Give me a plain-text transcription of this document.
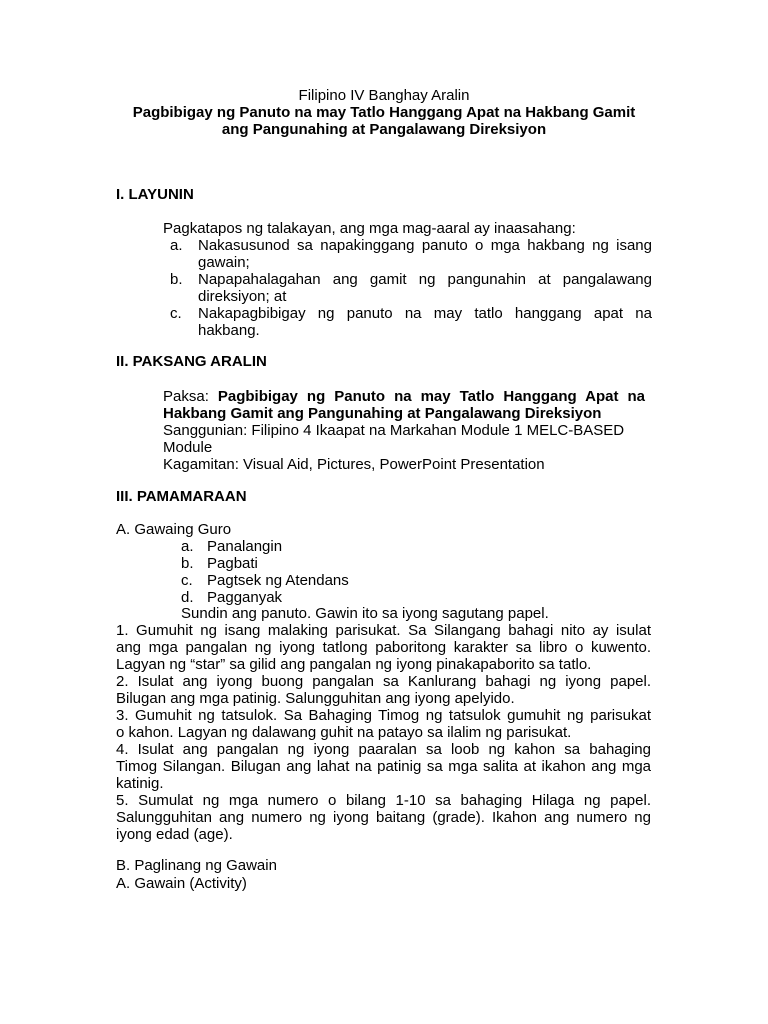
Filipino IV Banghay Aralin
Pagbibigay ng Panuto na may Tatlo Hanggang Apat na Hakbang Gamit
ang Pangunahing at Pangalawang Direksiyon
I. LAYUNIN
Pagkatapos ng talakayan, ang mga mag-aaral ay inaasahang:
a.	Nakasusunod sa napakinggang panuto o mga hakbang ng isang
gawain;
b.	Napapahalagahan ang gamit ng pangunahin at pangalawang
direksiyon; at
c.	Nakapagbibigay ng panuto na may tatlo hanggang apat na
hakbang.
II. PAKSANG ARALIN
Paksa: Pagbibigay ng Panuto na may Tatlo Hanggang Apat na
Hakbang Gamit ang Pangunahing at Pangalawang Direksiyon
Sanggunian: Filipino 4 Ikaapat na Markahan Module 1 MELC-BASED
Module
Kagamitan: Visual Aid, Pictures, PowerPoint Presentation
III. PAMAMARAAN
A. Gawaing Guro
a. Panalangin
b. Pagbati
c. Pagtsek ng Atendans
d. Pagganyak
Sundin ang panuto. Gawin ito sa iyong sagutang papel.
1. Gumuhit ng isang malaking parisukat. Sa Silangang bahagi nito ay isulat
ang mga pangalan ng iyong tatlong paboritong karakter sa libro o kuwento.
Lagyan ng “star” sa gilid ang pangalan ng iyong pinakapaborito sa tatlo.
2. Isulat ang iyong buong pangalan sa Kanlurang bahagi ng iyong papel.
Bilugan ang mga patinig. Salungguhitan ang iyong apelyido.
3. Gumuhit ng tatsulok. Sa Bahaging Timog ng tatsulok gumuhit ng parisukat
o kahon. Lagyan ng dalawang guhit na patayo sa ilalim ng parisukat.
4. Isulat ang pangalan ng iyong paaralan sa loob ng kahon sa bahaging
Timog Silangan. Bilugan ang lahat na patinig sa mga salita at ikahon ang mga
katinig.
5. Sumulat ng mga numero o bilang 1-10 sa bahaging Hilaga ng papel.
Salungguhitan ang numero ng iyong baitang (grade). Ikahon ang numero ng
iyong edad (age).
B. Paglinang ng Gawain
A. Gawain (Activity)
